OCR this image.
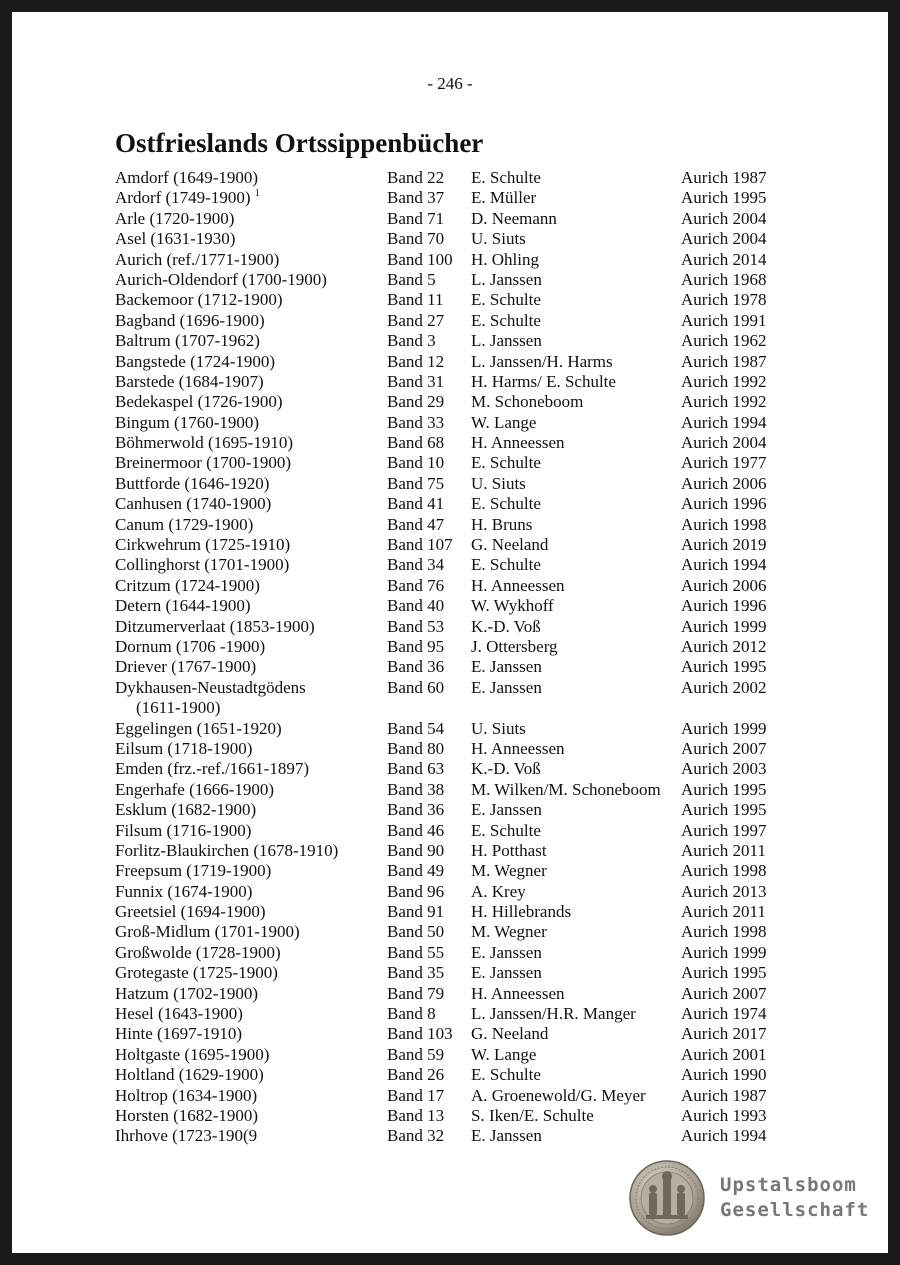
- 246 -
Ostfrieslands Ortssippenbücher
Amdorf (1649-1900)	Band 22 E. Schulte	Aurich 1987
Ardorf (1749-1900) $^1$	Band 37 E. Müller	Aurich 1995
Arle (1720-1900)	Band 71 D. Neemann	Aurich 2004
Asel (1631-1930)	Band 70 U. Siuts	Aurich 2004
Aurich (ref./1771-1900)	Band 100 H. Ohling	Aurich 2014
Aurich-Oldendorf (1700-1900)	Band 5 L. Janssen	Aurich 1968
Backemoor (1712-1900)	Band 11 E. Schulte	Aurich 1978
Bagband (1696-1900)	Band 27 E. Schulte	Aurich 1991
Baltrum (1707-1962)	Band 3 L. Janssen	Aurich 1962
Bangstede (1724-1900)	Band 12 L. Janssen/H. Harms	Aurich 1987
Barstede (1684-1907)	Band 31 H. Harms/ E. Schulte	Aurich 1992
Bedekaspel (1726-1900)	Band 29 M. Schoneboom	Aurich 1992
Bingum (1760-1900)	Band 33 W. Lange	Aurich 1994
Böhmerwold (1695-1910)	Band 68 H. Anneessen	Aurich 2004
Breinermoor (1700-1900)	Band 10 E. Schulte	Aurich 1977
Buttforde (1646-1920)	Band 75 U. Siuts	Aurich 2006
Canhusen (1740-1900)	Band 41 E. Schulte	Aurich 1996
Canum (1729-1900)	Band 47 H. Bruns	Aurich 1998
Cirkwehrum (1725-1910)	Band 107 G. Neeland	Aurich 2019
Collinghorst (1701-1900)	Band 34 E. Schulte	Aurich 1994
Critzum (1724-1900)	Band 76 H. Anneessen	Aurich 2006
Detern (1644-1900)	Band 40 W. Wykhoff	Aurich 1996
Ditzumerverlaat (1853-1900)	Band 53 K.-D. Voß	Aurich 1999
Dornum (1706 -1900)	Band 95 J. Ottersberg	Aurich 2012
Driever (1767-1900)	Band 36 E. Janssen	Aurich 1995
Dykhausen-Neustadtgödens
(1611-1900)
Band 60 E. Janssen	Aurich 2002
Eggelingen (1651-1920)	Band 54 U. Siuts	Aurich 1999
Eilsum (1718-1900)	Band 80 H. Anneessen	Aurich 2007
Emden (frz.-ref./1661-1897)	Band 63 K.-D. Voß	Aurich 2003
Engerhafe (1666-1900)	Band 38 M. Wilken/M. Schoneboom Aurich 1995
Esklum (1682-1900)	Band 36 E. Janssen	Aurich 1995
Filsum (1716-1900)	Band 46 E. Schulte	Aurich 1997
Forlitz-Blaukirchen (1678-1910)	Band 90 H. Potthast	Aurich 2011
Freepsum (1719-1900)	Band 49 M. Wegner	Aurich 1998
Funnix (1674-1900)	Band 96 A. Krey	Aurich 2013
Greetsiel (1694-1900)	Band 91 H. Hillebrands	Aurich 2011
Groß-Midlum (1701-1900)	Band 50 M. Wegner	Aurich 1998
Großwolde (1728-1900)	Band 55 E. Janssen	Aurich 1999
Grotegaste (1725-1900)	Band 35 E. Janssen	Aurich 1995
Hatzum (1702-1900)	Band 79 H. Anneessen	Aurich 2007
Hesel (1643-1900)	Band 8 L. Janssen/H.R. Manger	Aurich 1974
Hinte (1697-1910)	Band 103 G. Neeland	Aurich 2017
Holtgaste (1695-1900)	Band 59 W. Lange	Aurich 2001
Holtland (1629-1900)	Band 26 E. Schulte	Aurich 1990
Holtrop (1634-1900)	Band 17 A. Groenewold/G. Meyer Aurich 1987
Horsten (1682-1900)	Band 13 S. Iken/E. Schulte	Aurich 1993
Ihrhove (1723-190(9	Band 32 E. Janssen	Aurich 1994
Upstalsboom
Gesellschaft
